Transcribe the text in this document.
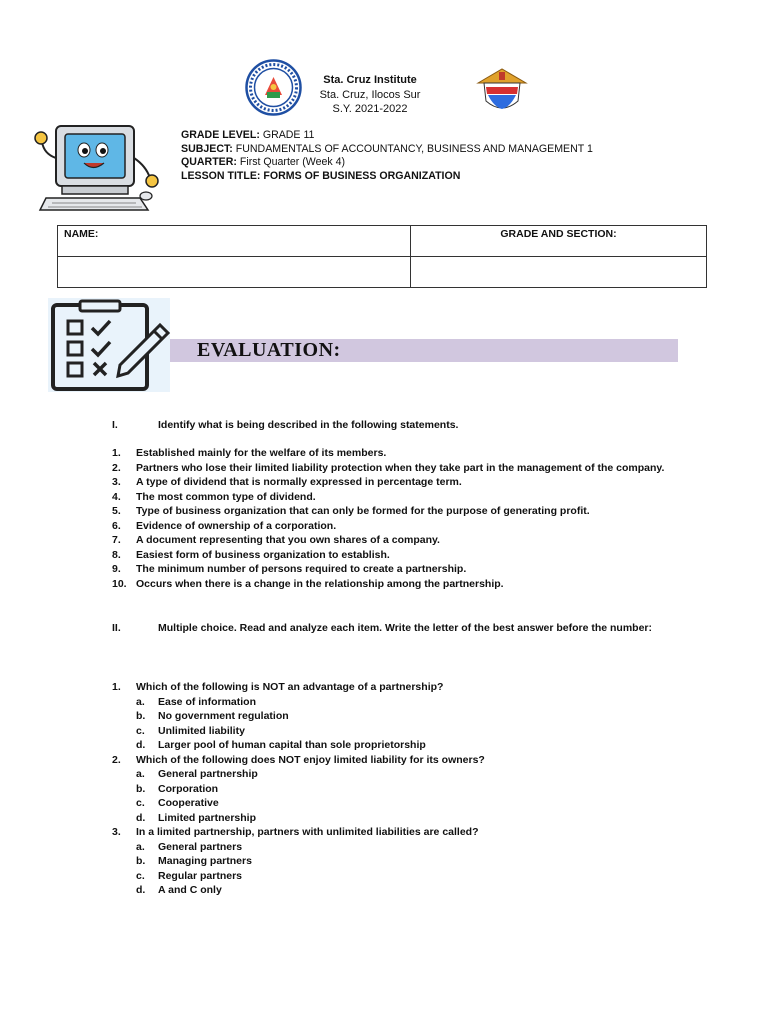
Sta. Cruz Institute
Sta. Cruz, Ilocos Sur
S.Y. 2021-2022
GRADE LEVEL: GRADE 11
SUBJECT: FUNDAMENTALS OF ACCOUNTANCY, BUSINESS AND MANAGEMENT 1
QUARTER: First Quarter (Week 4)
LESSON TITLE: FORMS OF BUSINESS ORGANIZATION
NAME:	GRADE AND SECTION:

EVALUATION:
I.	Identify what is being described in the following statements.
1. Established mainly for the welfare of its members.
2. Partners who lose their limited liability protection when they take part in the management of the company.
3. A type of dividend that is normally expressed in percentage term.
4. The most common type of dividend.
5. Type of business organization that can only be formed for the purpose of generating profit.
6. Evidence of ownership of a corporation.
7. A document representing that you own shares of a company.
8. Easiest form of business organization to establish.
9. The minimum number of persons required to create a partnership.
10. Occurs when there is a change in the relationship among the partnership.
II.	Multiple choice. Read and analyze each item. Write the letter of the best answer before the number:
1. Which of the following is NOT an advantage of a partnership?
a. Ease of information
b. No government regulation
c. Unlimited liability
d. Larger pool of human capital than sole proprietorship
2. Which of the following does NOT enjoy limited liability for its owners?
a. General partnership
b. Corporation
c. Cooperative
d. Limited partnership
3. In a limited partnership, partners with unlimited liabilities are called?
a. General partners
b. Managing partners
c. Regular partners
d. A and C only
